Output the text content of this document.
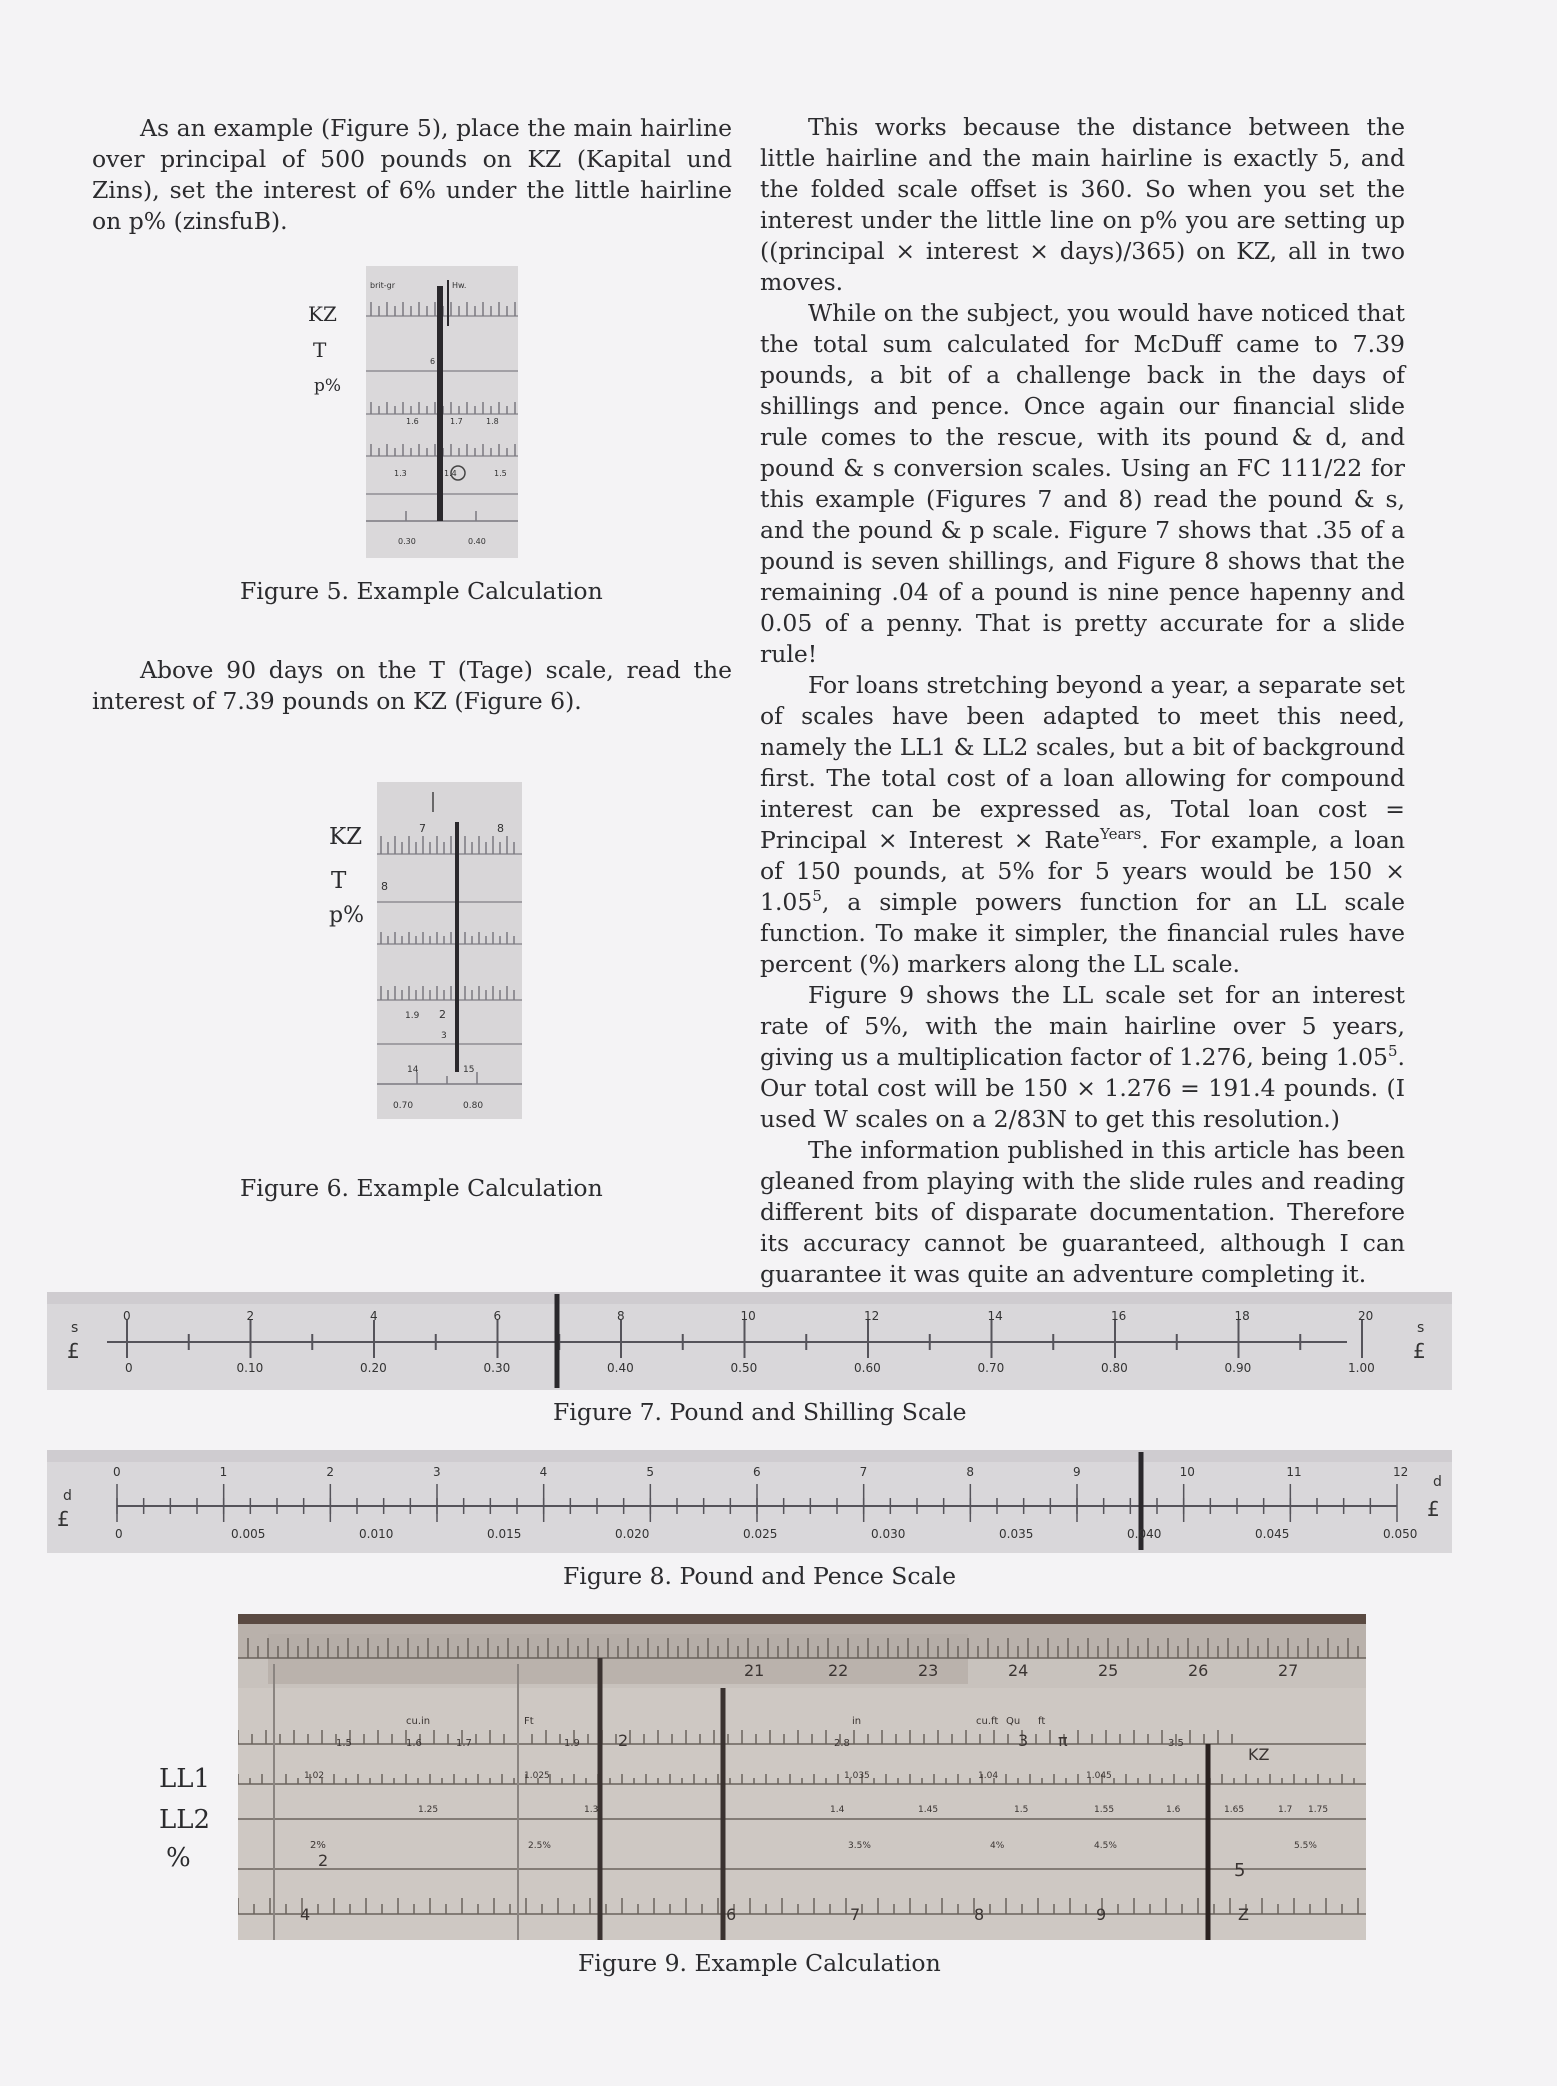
As an example (Figure 5), place the main hairline over principal of 500 pounds on KZ (Kapital und Zins), set the interest of 6% under the little hairline on p% (zinsfuB).

KZ
T
p%
brit-gr	Hw.
6
1.6	1.7	1.8
1.3	1.4	1.5
0.30	0.40
Figure 5. Example Calculation

Above 90 days on the T (Tage) scale, read the interest of 7.39 pounds on KZ (Figure 6).

KZ
T
p%
7	8
8
1.9 2
3
14	15
0.70	0.80
Figure 6. Example Calculation

This works because the distance between the little hairline and the main hairline is exactly 5, and the folded scale offset is 360. So when you set the interest under the little line on p% you are setting up ((principal × interest × days)/365) on KZ, all in two moves.

While on the subject, you would have noticed that the total sum calculated for McDuff came to 7.39 pounds, a bit of a challenge back in the days of shillings and pence. Once again our financial slide rule comes to the rescue, with its pound & d, and pound & s conversion scales. Using an FC 111/22 for this example (Figures 7 and 8) read the pound & s, and the pound & p scale. Figure 7 shows that .35 of a pound is seven shillings, and Figure 8 shows that the remaining .04 of a pound is nine pence hapenny and 0.05 of a penny. That is pretty accurate for a slide rule!

For loans stretching beyond a year, a separate set of scales have been adapted to meet this need, namely the LL1 & LL2 scales, but a bit of background first. The total cost of a loan allowing for compound interest can be expressed as, Total loan cost = Principal × Interest × Rate$^{Years}$. For example, a loan of 150 pounds, at 5% for 5 years would be $150 \times 1.05^5$, a simple powers function for an LL scale function. To make it simpler, the financial rules have percent (%) markers along the LL scale.

Figure 9 shows the LL scale set for an interest rate of 5%, with the main hairline over 5 years, giving us a multiplication factor of 1.276, being 1.05$^5$. Our total cost will be 150 × 1.276 = 191.4 pounds. (I used W scales on a 2/83N to get this resolution.)

The information published in this article has been gleaned from playing with the slide rules and reading different bits of disparate documentation. Therefore its accuracy cannot be guaranteed, although I can guarantee it was quite an adventure completing it.

s
£
s
£
0	2	4	6	8	10	12	14	16	18	20
0	0.10	0.20	0.30	0.40	0.50	0.60	0.70	0.80	0.90	1.00
Figure 7. Pound and Shilling Scale
d
£
d
£
0	1	2	3	4	5	6	7	8	9	10	11	12
0	0.005	0.010	0.015	0.020	0.025	0.030	0.035	0.040	0.045	0.050
Figure 8. Pound and Pence Scale
LL1
LL2
%
21	22	23	24	25	26	27
cu.in	Ft	in	cu.ft Qu ft
1.5	1.6	1.7	1.9 2	2.8	3 π	3.5
KZ
1.02	1.025	1.035	1.04	1.045
1.25	1.3	1.4	1.45	1.5	1.55	1.6	1.65	1.7 1.75
2%	2.5%	3.5%	4%	4.5%	5.5%
2
4
5
6	7	8	9	Z
Figure 9. Example Calculation
